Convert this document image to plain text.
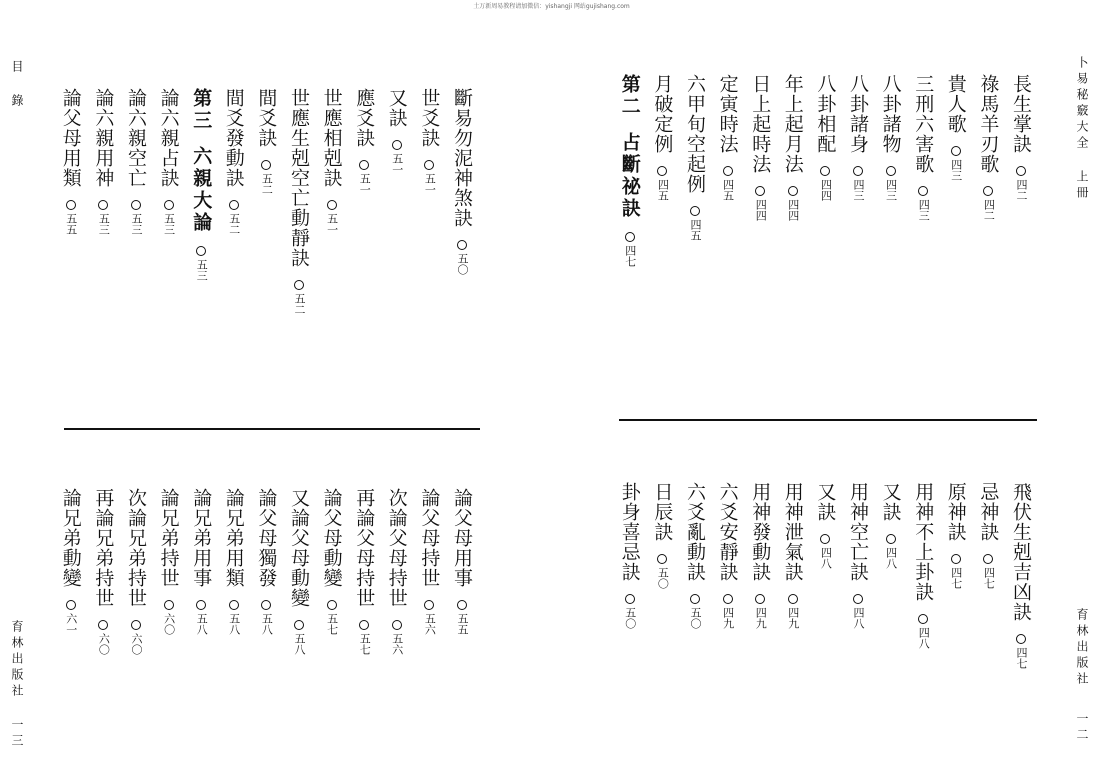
土万新周易教程请加微信：yishangji 网站gujishang.com
目 錄
育林出版社
一三
卜易秘竅大全 上冊
育林出版社
一二
長生掌訣
四二
祿馬羊刃歌
四二
貴人歌
四三
三刑六害歌
四三
八卦諸物
四三
八卦諸身
四三
八卦相配
四四
年上起月法
四四
日上起時法
四四
定寅時法
四五
六甲旬空起例
四五
月破定例
四五
第二
占斷祕訣
四七
斷易勿泥神煞訣
五〇
世爻訣
五一
又訣
五一
應爻訣
五一
世應相剋訣
五一
世應生剋空亡動靜訣
五二
間爻訣
五二
間爻發動訣
五二
第三
六親大論
五三
論六親占訣
五三
論六親空亡
五三
論六親用神
五三
論父母用類
五五
飛伏生剋吉凶訣
四七
忌神訣
四七
原神訣
四七
用神不上卦訣
四八
又訣
四八
用神空亡訣
四八
又訣
四八
用神泄氣訣
四九
用神發動訣
四九
六爻安靜訣
四九
六爻亂動訣
五〇
日辰訣
五〇
卦身喜忌訣
五〇
論父母用事
五五
論父母持世
五六
次論父母持世
五六
再論父母持世
五七
論父母動變
五七
又論父母動變
五八
論父母獨發
五八
論兄弟用類
五八
論兄弟用事
五八
論兄弟持世
六〇
次論兄弟持世
六〇
再論兄弟持世
六〇
論兄弟動變
六一
